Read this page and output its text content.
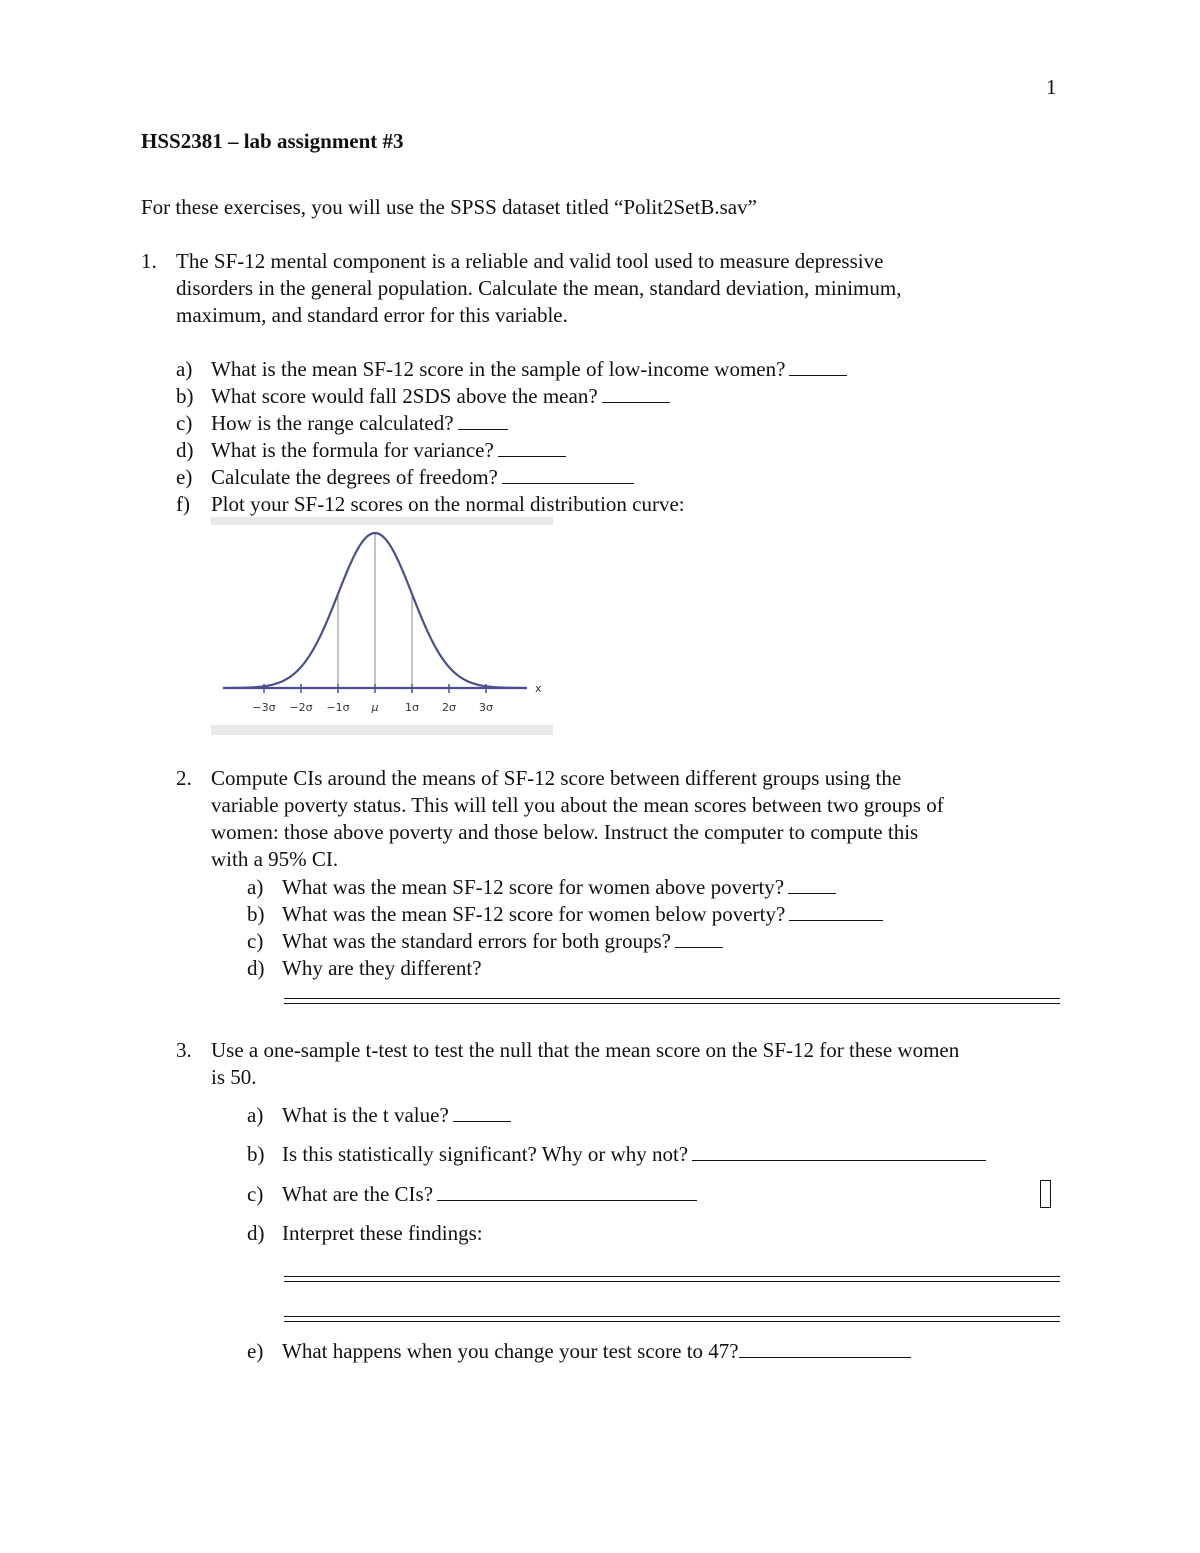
1
HSS2381 – lab assignment #3
For these exercises, you will use the SPSS dataset titled “Polit2SetB.sav”
1. The SF-12 mental component is a reliable and valid tool used to measure depressive
disorders in the general population. Calculate the mean, standard deviation, minimum,
maximum, and standard error for this variable.
a) What is the mean SF-12 score in the sample of low-income women?
b) What score would fall 2SDS above the mean?
c) How is the range calculated?
d) What is the formula for variance?
e) Calculate the degrees of freedom?
f) Plot your SF-12 scores on the normal distribution curve:
−3σ −2σ −1σ μ 1σ 2σ 3σ
x
2. Compute CIs around the means of SF-12 score between different groups using the
variable poverty status. This will tell you about the mean scores between two groups of
women: those above poverty and those below. Instruct the computer to compute this
with a 95% CI.
a) What was the mean SF-12 score for women above poverty?
b) What was the mean SF-12 score for women below poverty?
c) What was the standard errors for both groups?
d) Why are they different?
3. Use a one-sample t-test to test the null that the mean score on the SF-12 for these women
is 50.
a) What is the t value?
b) Is this statistically significant? Why or why not?
c) What are the CIs?
d) Interpret these findings:
e) What happens when you change your test score to 47?
